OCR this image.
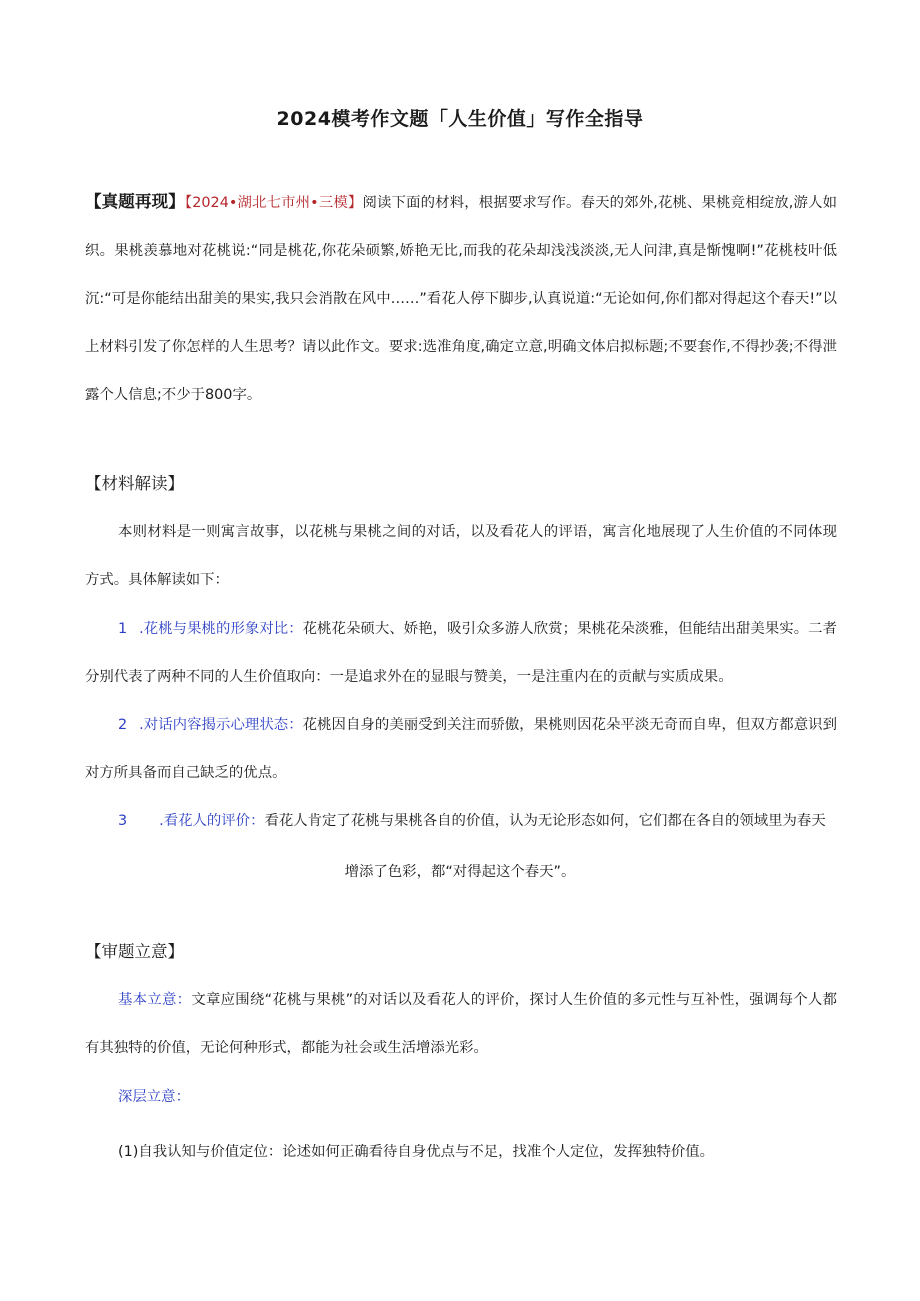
2024模考作文题「人生价值」写作全指导

【真题再现】【2024•湖北七市州•三模】阅读下面的材料，根据要求写作。春天的郊外,花桃、果桃竞相绽放,游人如织。果桃羡慕地对花桃说:“同是桃花,你花朵硕繁,娇艳无比,而我的花朵却浅浅淡淡,无人问津,真是惭愧啊!”花桃枝叶低沉:“可是你能结出甜美的果实,我只会消散在风中……”看花人停下脚步,认真说道:“无论如何,你们都对得起这个春天!”以上材料引发了你怎样的人生思考？请以此作文。要求:选准角度,确定立意,明确文体启拟标题;不要套作,不得抄袭;不得泄露个人信息;不少于800字。

【材料解读】

本则材料是一则寓言故事，以花桃与果桃之间的对话，以及看花人的评语，寓言化地展现了人生价值的不同体现方式。具体解读如下：

1 .花桃与果桃的形象对比：花桃花朵硕大、娇艳，吸引众多游人欣赏；果桃花朵淡雅，但能结出甜美果实。二者分别代表了两种不同的人生价值取向：一是追求外在的显眼与赞美，一是注重内在的贡献与实质成果。

2 .对话内容揭示心理状态：花桃因自身的美丽受到关注而骄傲，果桃则因花朵平淡无奇而自卑，但双方都意识到对方所具备而自己缺乏的优点。

3 .看花人的评价：看花人肯定了花桃与果桃各自的价值，认为无论形态如何，它们都在各自的领域里为春天

增添了色彩，都“对得起这个春天”。
【审题立意】

基本立意：文章应围绕“花桃与果桃”的对话以及看花人的评价，探讨人生价值的多元性与互补性，强调每个人都有其独特的价值，无论何种形式，都能为社会或生活增添光彩。

深层立意：

(1)自我认知与价值定位：论述如何正确看待自身优点与不足，找准个人定位，发挥独特价值。
